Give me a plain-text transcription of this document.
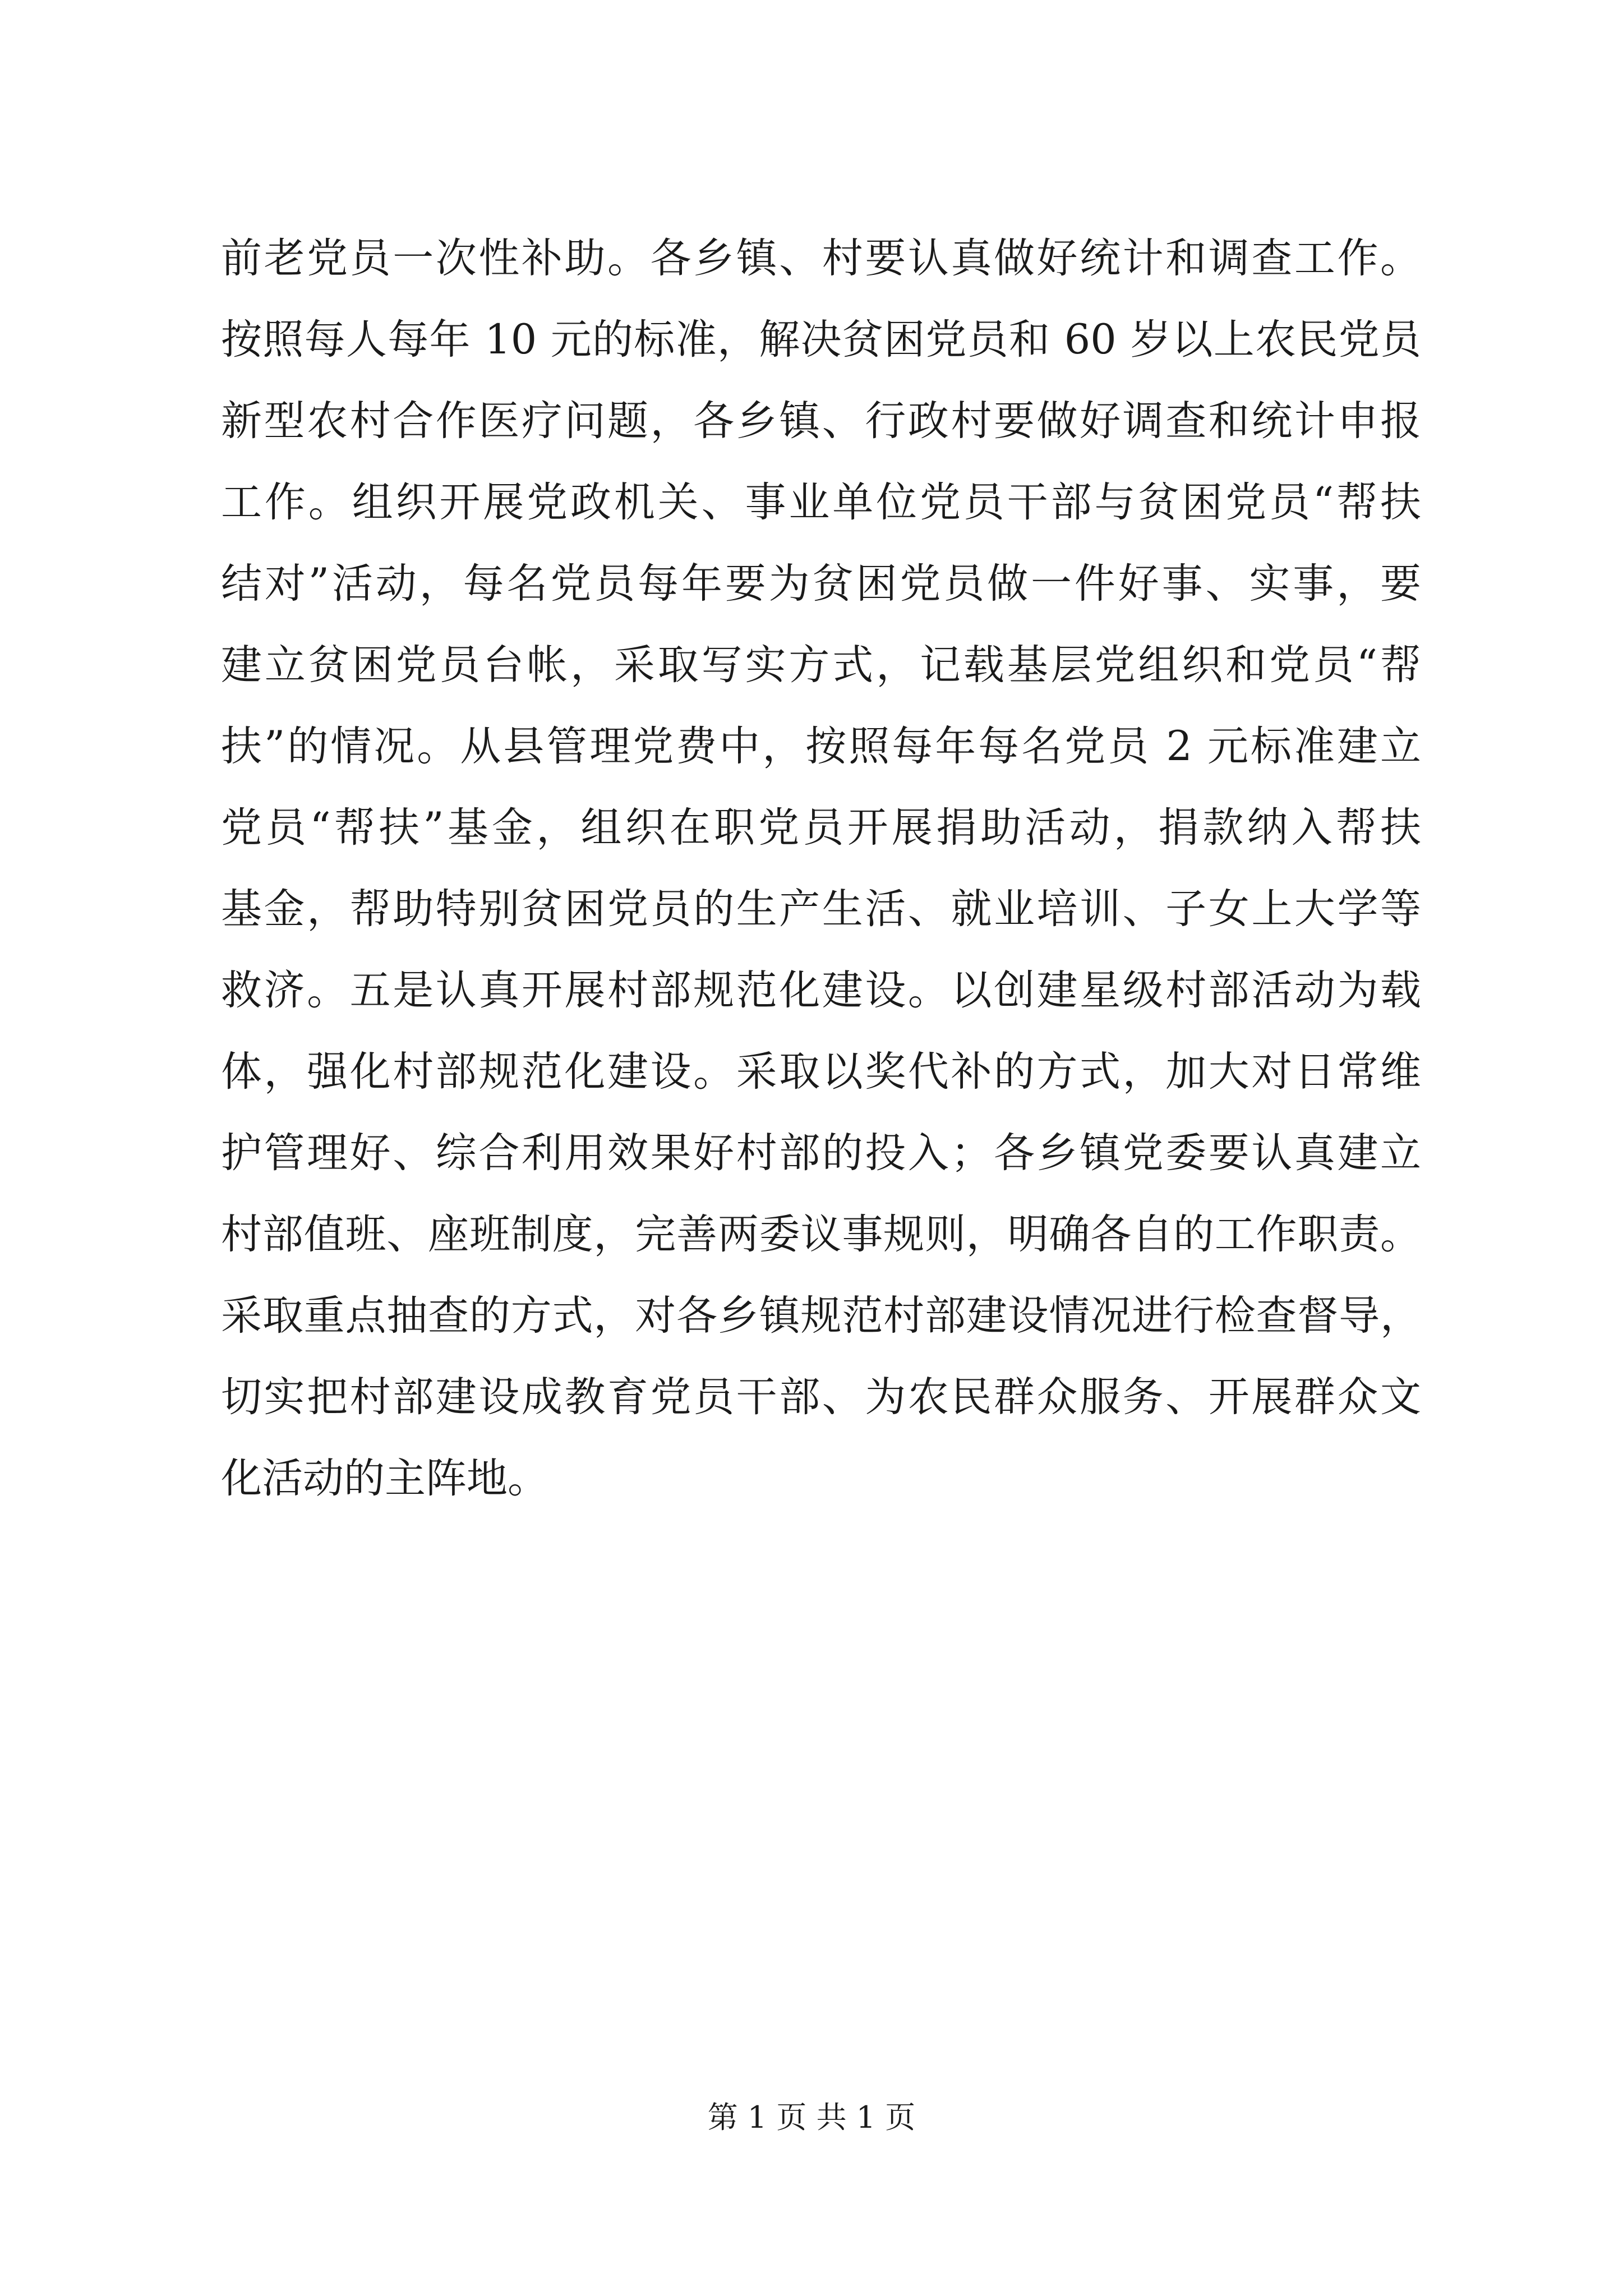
前老党员一次性补助。各乡镇、村要认真做好统计和调查工作。
按照每人每年 10 元的标准，解决贫困党员和 60 岁以上农民党员
新型农村合作医疗问题，各乡镇、行政村要做好调查和统计申报
工作。组织开展党政机关、事业单位党员干部与贫困党员“帮扶
结对”活动，每名党员每年要为贫困党员做一件好事、实事，要
建立贫困党员台帐，采取写实方式，记载基层党组织和党员“帮
扶”的情况。从县管理党费中，按照每年每名党员 2 元标准建立
党员“帮扶”基金，组织在职党员开展捐助活动，捐款纳入帮扶
基金，帮助特别贫困党员的生产生活、就业培训、子女上大学等
救济。五是认真开展村部规范化建设。以创建星级村部活动为载
体，强化村部规范化建设。采取以奖代补的方式，加大对日常维
护管理好、综合利用效果好村部的投入；各乡镇党委要认真建立
村部值班、座班制度，完善两委议事规则，明确各自的工作职责。
采取重点抽查的方式，对各乡镇规范村部建设情况进行检查督导，
切实把村部建设成教育党员干部、为农民群众服务、开展群众文
化活动的主阵地。
第 1 页 共 1 页
